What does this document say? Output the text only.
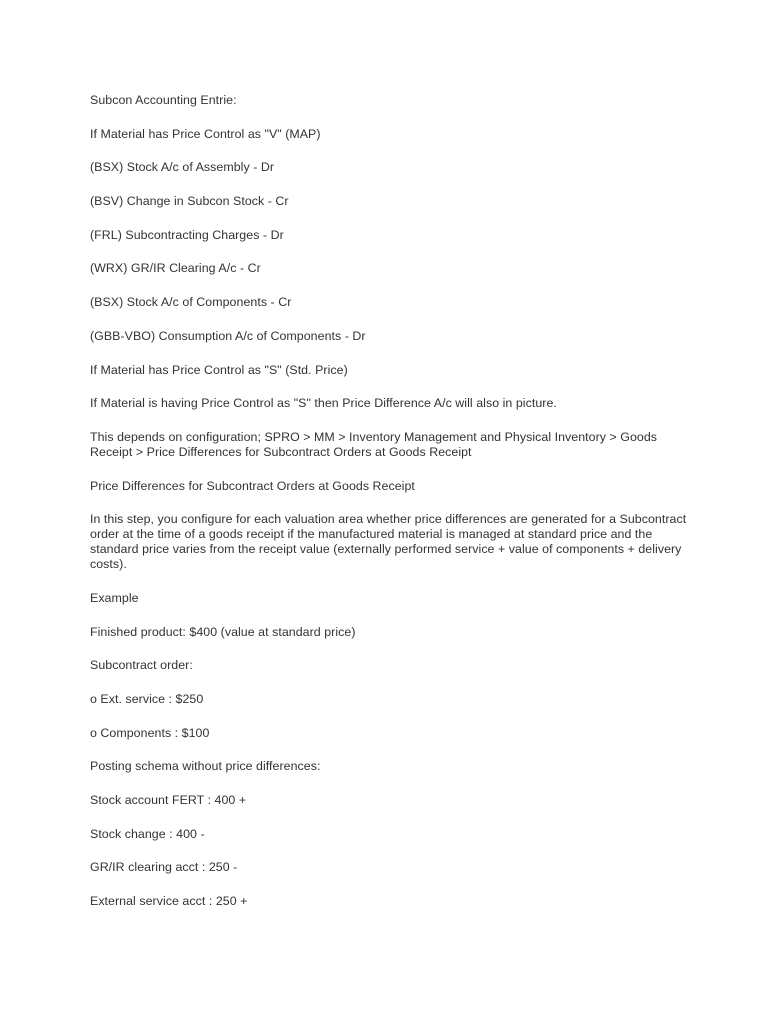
Subcon Accounting Entrie:

If Material has Price Control as "V" (MAP)

(BSX) Stock A/c of Assembly - Dr

(BSV) Change in Subcon Stock - Cr

(FRL) Subcontracting Charges - Dr

(WRX) GR/IR Clearing A/c - Cr

(BSX) Stock A/c of Components - Cr

(GBB-VBO) Consumption A/c of Components - Dr

If Material has Price Control as "S" (Std. Price)

If Material is having Price Control as "S" then Price Difference A/c will also in picture.

This depends on configuration; SPRO > MM > Inventory Management and Physical Inventory > Goods Receipt > Price Differences for Subcontract Orders at Goods Receipt

Price Differences for Subcontract Orders at Goods Receipt

In this step, you configure for each valuation area whether price differences are generated for a Subcontract order at the time of a goods receipt if the manufactured material is managed at standard price and the standard price varies from the receipt value (externally performed service + value of components + delivery costs).

Example

Finished product: $400 (value at standard price)

Subcontract order:

o Ext. service : $250

o Components : $100

Posting schema without price differences:

Stock account FERT : 400 +

Stock change : 400 -

GR/IR clearing acct : 250 -

External service acct : 250 +
